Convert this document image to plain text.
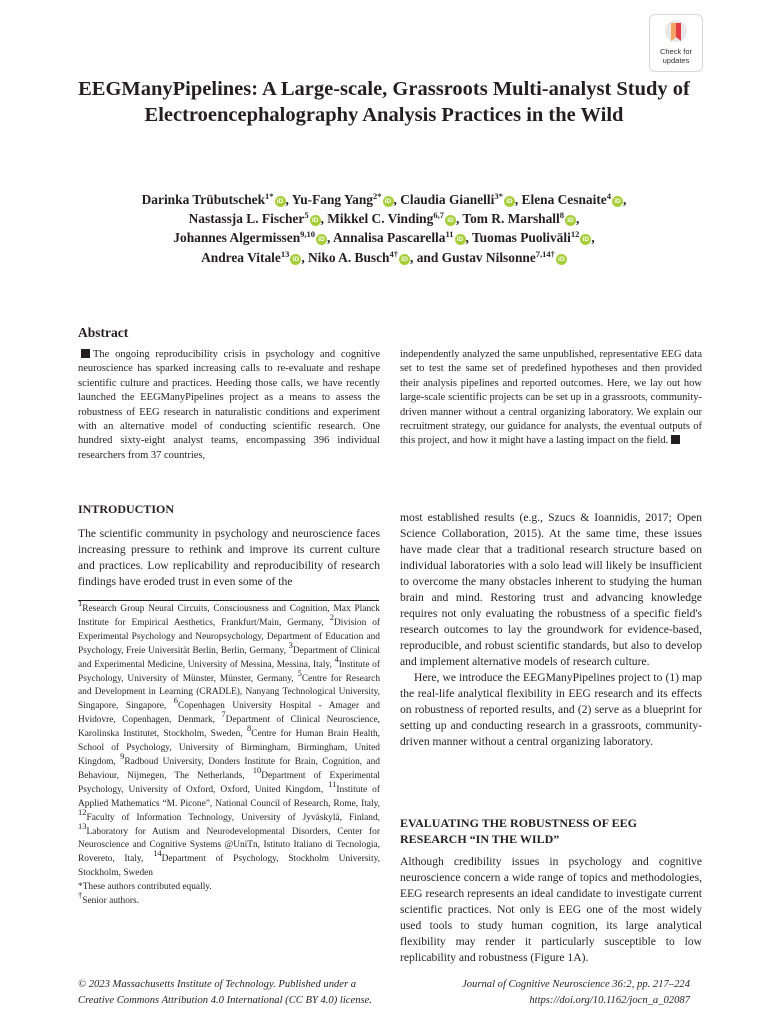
Check for
updates
EEGManyPipelines: A Large-scale, Grassroots Multi-analyst Study of Electroencephalography Analysis Practices in the Wild
Darinka Trübutschek$^{1*}$iD , Yu-Fang Yang$^{2*}$iD , Claudia Gianelli$^{3*}$iD , Elena Cesnaite$^4$iD ,
Nastassja L. Fischer$^5$iD , Mikkel C. Vinding$^{6,7}$iD , Tom R. Marshall$^8$iD ,
Johannes Algermissen$^{9,10}$iD , Annalisa Pascarella$^{11}$iD , Tuomas Puoliväli$^{12}$iD ,
Andrea Vitale$^{13}$iD , Niko A. Busch$^{4\dagger}$iD , and Gustav Nilsonne$^{7,14\dagger}$iD
Abstract
The ongoing reproducibility crisis in psychology and cognitive neuroscience has sparked increasing calls to re-evaluate and reshape scientific culture and practices. Heeding those calls, we have recently launched the EEGManyPipelines project as a means to assess the robustness of EEG research in naturalistic conditions and experiment with an alternative model of conducting scientific research. One hundred sixty-eight analyst teams, encompassing 396 individual researchers from 37 countries,
independently analyzed the same unpublished, representative EEG data set to test the same set of predefined hypotheses and then provided their analysis pipelines and reported outcomes. Here, we lay out how large-scale scientific projects can be set up in a grassroots, community-driven manner without a central organizing laboratory. We explain our recruitment strategy, our guidance for analysts, the eventual outputs of this project, and how it might have a lasting impact on the field.
INTRODUCTION

The scientific community in psychology and neuroscience faces increasing pressure to rethink and improve its current culture and practices. Low replicability and reproducibility of research findings have eroded trust in even some of the

$^1$Research Group Neural Circuits, Consciousness and Cognition, Max Planck Institute for Empirical Aesthetics, Frankfurt/Main, Germany, $^2$Division of Experimental Psychology and Neuropsychology, Department of Education and Psychology, Freie Universität Berlin, Berlin, Germany, $^3$Department of Clinical and Experimental Medicine, University of Messina, Messina, Italy, $^4$Institute of Psychology, University of Münster, Münster, Germany, $^5$Centre for Research and Development in Learning (CRADLE), Nanyang Technological University, Singapore, Singapore, $^6$Copenhagen University Hospital - Amager and Hvidovre, Copenhagen, Denmark, $^7$Department of Clinical Neuroscience, Karolinska Institutet, Stockholm, Sweden, $^8$Centre for Human Brain Health, School of Psychology, University of Birmingham, Birmingham, United Kingdom, $^9$Radboud University, Donders Institute for Brain, Cognition, and Behaviour, Nijmegen, The Netherlands, $^{10}$Department of Experimental Psychology, University of Oxford, Oxford, United Kingdom, $^{11}$Institute of Applied Mathematics “M. Picone”, National Council of Research, Rome, Italy, $^{12}$Faculty of Information Technology, University of Jyväskylä, Finland, $^{13}$Laboratory for Autism and Neurodevelopmental Disorders, Center for Neuroscience and Cognitive Systems @UniTn, Istituto Italiano di Tecnologia, Rovereto, Italy, $^{14}$Department of Psychology, Stockholm University, Stockholm, Sweden

*These authors contributed equally.

†Senior authors.

most established results (e.g., Szucs & Ioannidis, 2017; Open Science Collaboration, 2015). At the same time, these issues have made clear that a traditional research structure based on individual laboratories with a solo lead will likely be insufficient to overcome the many obstacles inherent to studying the human brain and mind. Restoring trust and advancing knowledge requires not only evaluating the robustness of a specific field's research outcomes to lay the groundwork for evidence-based, reproducible, and robust scientific standards, but also to develop and implement alternative models of research culture.

Here, we introduce the EEGManyPipelines project to (1) map the real-life analytical flexibility in EEG research and its effects on robustness of reported results, and (2) serve as a blueprint for setting up and conducting research in a grassroots, community-driven manner without a central organizing laboratory.

EVALUATING THE ROBUSTNESS OF EEG RESEARCH “IN THE WILD”

Although credibility issues in psychology and cognitive neuroscience concern a wide range of topics and methodologies, EEG research represents an ideal candidate to investigate current scientific practices. Not only is EEG one of the most widely used tools to study human cognition, its large analytical flexibility may render it particularly susceptible to low replicability and robustness (Figure 1A).

© 2023 Massachusetts Institute of Technology. Published under a
Creative Commons Attribution 4.0 International (CC BY 4.0) license.
Journal of Cognitive Neuroscience 36:2, pp. 217–224
https://doi.org/10.1162/jocn_a_02087
